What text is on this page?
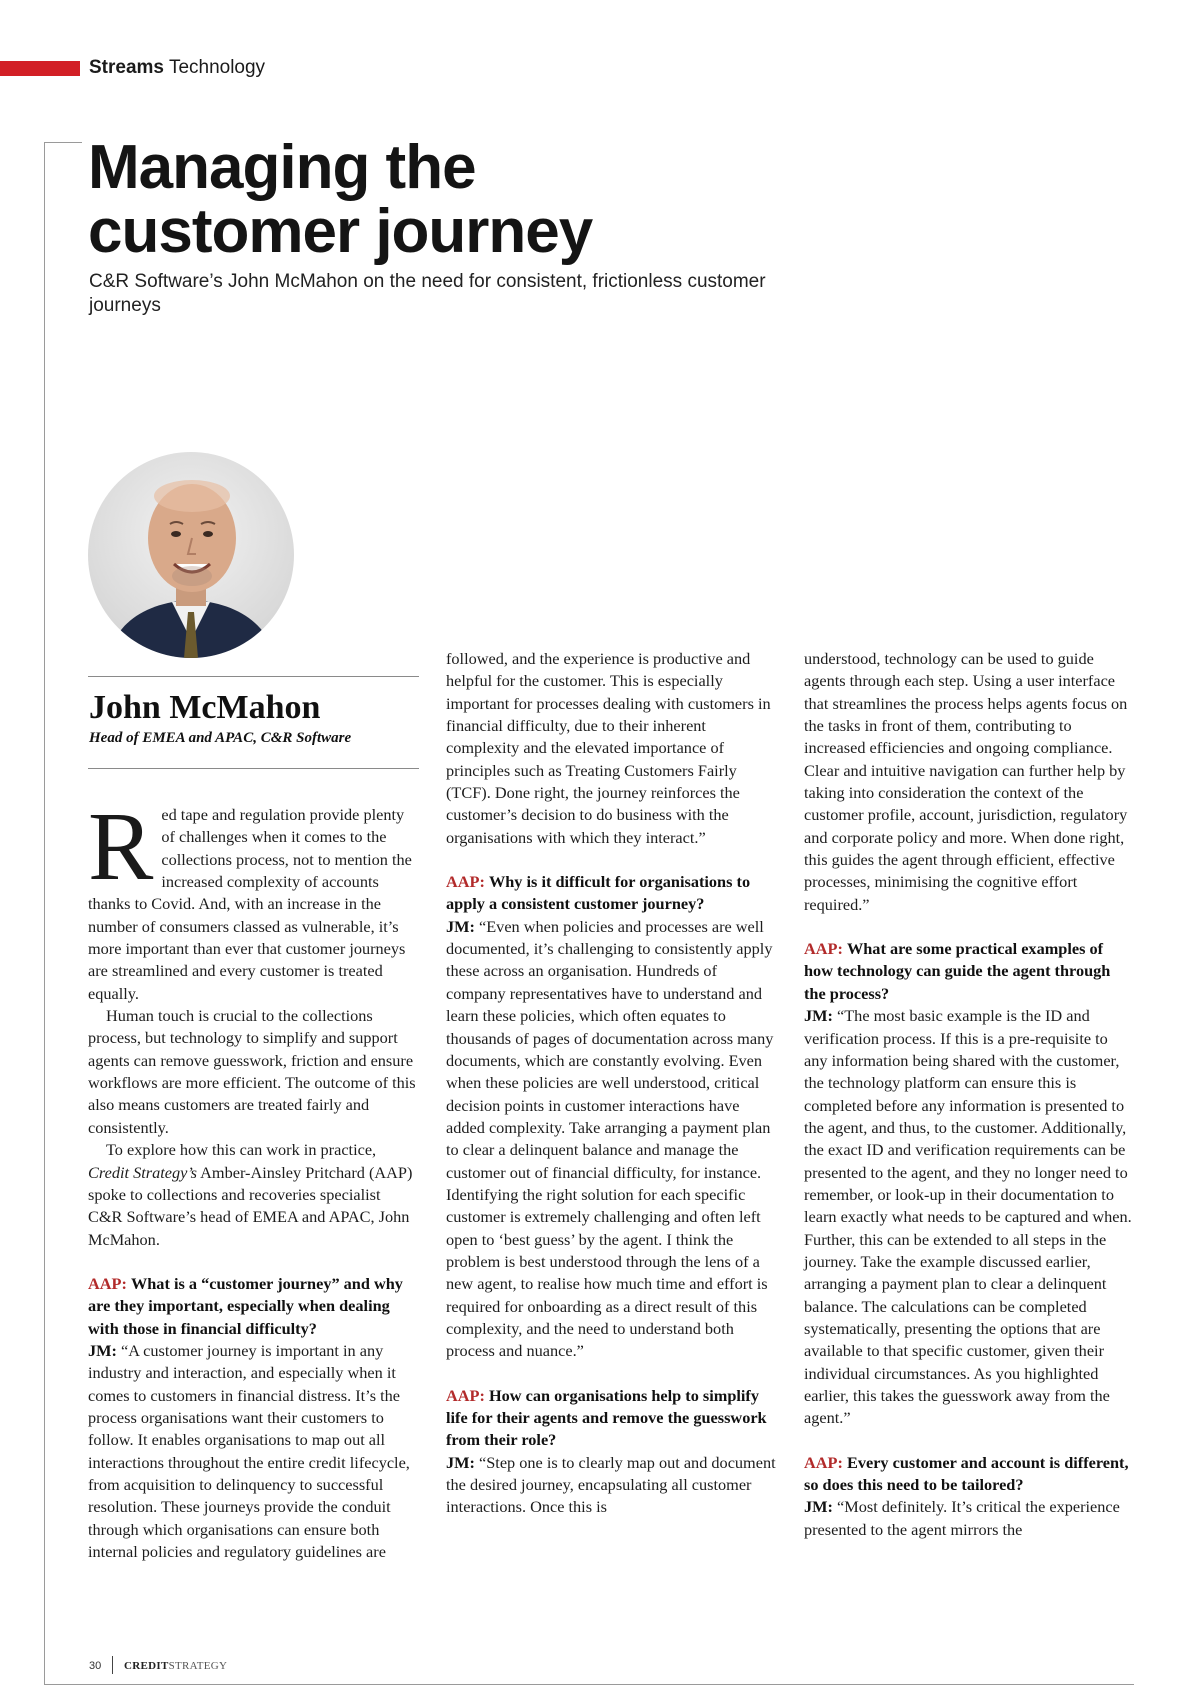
Streams Technology
Managing the
customer journey
C&R Software’s John McMahon on the need for consistent, frictionless customer journeys
John McMahon
Head of EMEA and APAC, C&R Software

Red tape and regulation provide plenty of challenges when it comes to the collections process, not to mention the increased complexity of accounts thanks to Covid. And, with an increase in the number of consumers classed as vulnerable, it’s more important than ever that customer journeys are streamlined and every customer is treated equally.

Human touch is crucial to the collections process, but technology to simplify and support agents can remove guesswork, friction and ensure workflows are more efficient. The outcome of this also means customers are treated fairly and consistently.

To explore how this can work in practice, Credit Strategy’s Amber-Ainsley Pritchard (AAP) spoke to collections and recoveries specialist C&R Software’s head of EMEA and APAC, John McMahon.

AAP: What is a “customer journey” and why are they important, especially when dealing with those in financial difficulty?

JM: “A customer journey is important in any industry and interaction, and especially when it comes to customers in financial distress. It’s the process organisations want their customers to follow. It enables organisations to map out all interactions throughout the entire credit lifecycle, from acquisition to delinquency to successful resolution. These journeys provide the conduit through which organisations can ensure both internal policies and regulatory guidelines are

followed, and the experience is productive and helpful for the customer. This is especially important for processes dealing with customers in financial difficulty, due to their inherent complexity and the elevated importance of principles such as Treating Customers Fairly (TCF). Done right, the journey reinforces the customer’s decision to do business with the organisations with which they interact.”

AAP: Why is it difficult for organisations to apply a consistent customer journey?

JM: “Even when policies and processes are well documented, it’s challenging to consistently apply these across an organisation. Hundreds of company representatives have to understand and learn these policies, which often equates to thousands of pages of documentation across many documents, which are constantly evolving. Even when these policies are well understood, critical decision points in customer interactions have added complexity. Take arranging a payment plan to clear a delinquent balance and manage the customer out of financial difficulty, for instance. Identifying the right solution for each specific customer is extremely challenging and often left open to ‘best guess’ by the agent. I think the problem is best understood through the lens of a new agent, to realise how much time and effort is required for onboarding as a direct result of this complexity, and the need to understand both process and nuance.”

AAP: How can organisations help to simplify life for their agents and remove the guesswork from their role?

JM: “Step one is to clearly map out and document the desired journey, encapsulating all customer interactions. Once this is

understood, technology can be used to guide agents through each step. Using a user interface that streamlines the process helps agents focus on the tasks in front of them, contributing to increased efficiencies and ongoing compliance. Clear and intuitive navigation can further help by taking into consideration the context of the customer profile, account, jurisdiction, regulatory and corporate policy and more. When done right, this guides the agent through efficient, effective processes, minimising the cognitive effort required.”

AAP: What are some practical examples of how technology can guide the agent through the process?

JM: “The most basic example is the ID and verification process. If this is a pre-requisite to any information being shared with the customer, the technology platform can ensure this is completed before any information is presented to the agent, and thus, to the customer. Additionally, the exact ID and verification requirements can be presented to the agent, and they no longer need to remember, or look-up in their documentation to learn exactly what needs to be captured and when. Further, this can be extended to all steps in the journey. Take the example discussed earlier, arranging a payment plan to clear a delinquent balance. The calculations can be completed systematically, presenting the options that are available to that specific customer, given their individual circumstances. As you highlighted earlier, this takes the guesswork away from the agent.”

AAP: Every customer and account is different, so does this need to be tailored?

JM: “Most definitely. It’s critical the experience presented to the agent mirrors the

30 CREDITSTRATEGY
